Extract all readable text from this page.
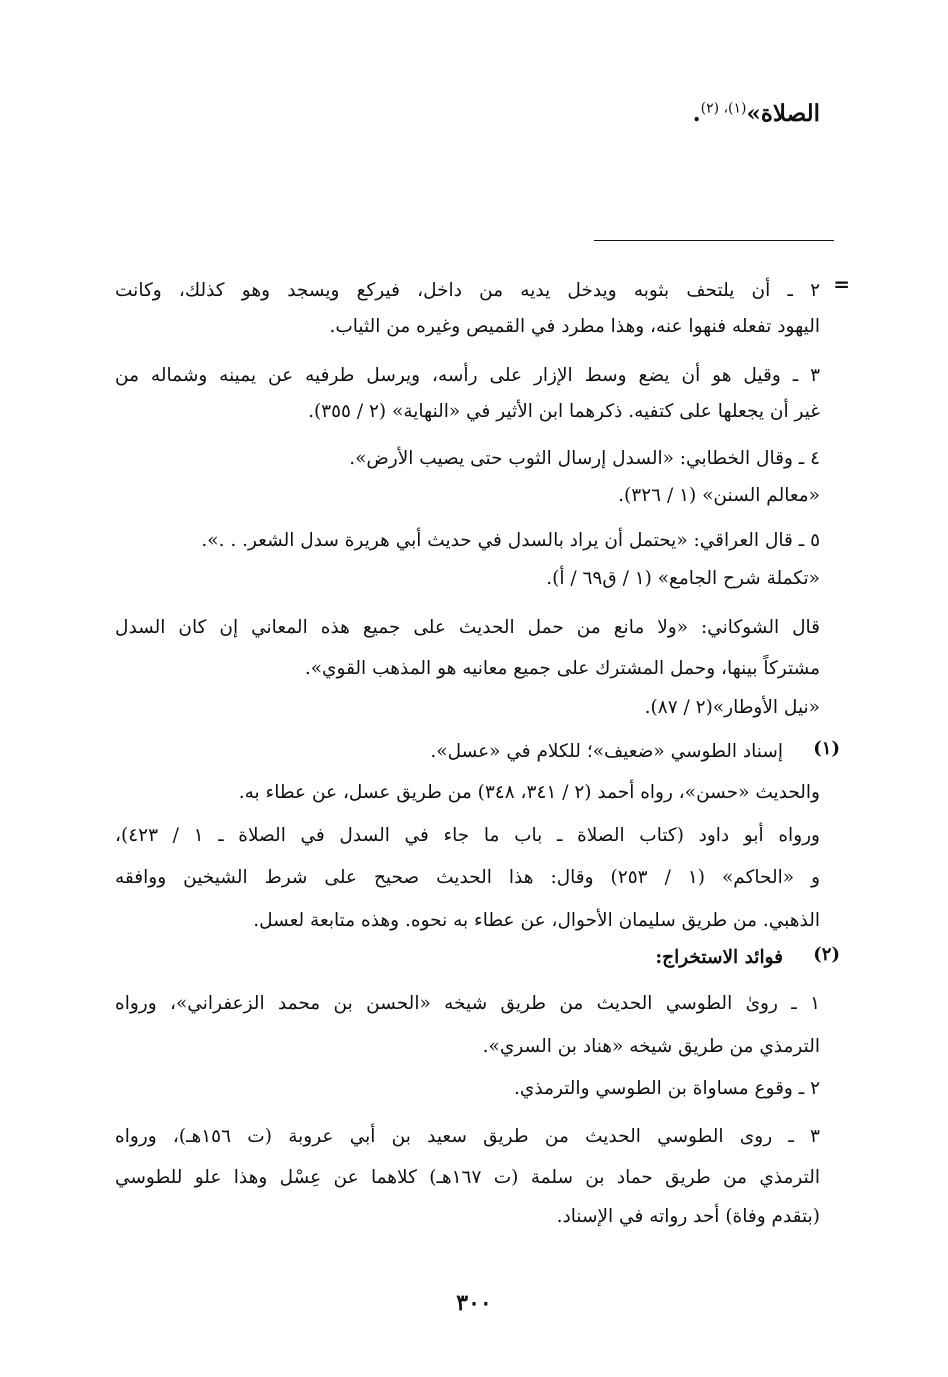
الصلاة»$^{(١)، (٢)}$.
=
٢ ـ أن يلتحف بثوبه ويدخل يديه من داخل، فيركع ويسجد وهو كذلك، وكانت
اليهود تفعله فنهوا عنه، وهذا مطرد في القميص وغيره من الثياب.
٣ ـ وقيل هو أن يضع وسط الإزار على رأسه، ويرسل طرفيه عن يمينه وشماله من
غير أن يجعلها على كتفيه. ذكرهما ابن الأثير في «النهاية» (٢ / ٣٥٥).
٤ ـ وقال الخطابي: «السدل إرسال الثوب حتى يصيب الأرض».
«معالم السنن» (١ / ٣٢٦).
٥ ـ قال العراقي: «يحتمل أن يراد بالسدل في حديث أبي هريرة سدل الشعر. . .».
«تكملة شرح الجامع» (١ / ق٦٩ / أ).
قال الشوكاني: «ولا مانع من حمل الحديث على جميع هذه المعاني إن كان السدل
مشتركاً بينها، وحمل المشترك على جميع معانيه هو المذهب القوي».
«نيل الأوطار»(٢ / ٨٧).
(١)
إسناد الطوسي «ضعيف»؛ للكلام في «عسل».
والحديث «حسن»، رواه أحمد (٢ / ٣٤١، ٣٤٨) من طريق عسل، عن عطاء به.
ورواه أبو داود (كتاب الصلاة ـ باب ما جاء في السدل في الصلاة ـ ١ / ٤٢٣)،
و «الحاكم» (١ / ٢٥٣) وقال: هذا الحديث صحيح على شرط الشيخين ووافقه
الذهبي. من طريق سليمان الأحوال، عن عطاء به نحوه. وهذه متابعة لعسل.
(٢)
فوائد الاستخراج:
١ ـ روىٰ الطوسي الحديث من طريق شيخه «الحسن بن محمد الزعفراني»، ورواه
الترمذي من طريق شيخه «هناد بن السري».
٢ ـ وقوع مساواة بن الطوسي والترمذي.
٣ ـ روى الطوسي الحديث من طريق سعيد بن أبي عروبة (ت ١٥٦هـ)، ورواه
الترمذي من طريق حماد بن سلمة (ت ١٦٧هـ) كلاهما عن عِسْل وهذا علو للطوسي
(بتقدم وفاة) أحد رواته في الإسناد.
٣٠٠
